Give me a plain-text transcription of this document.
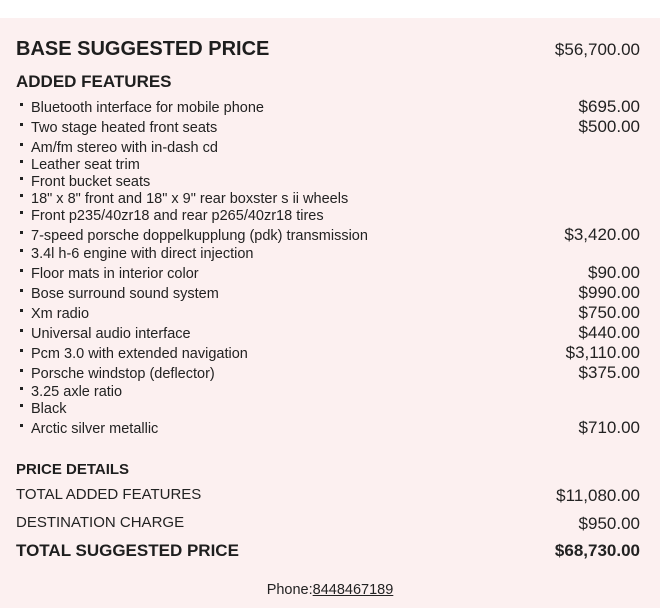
BASE SUGGESTED PRICE	$56,700.00
ADDED FEATURES
Bluetooth interface for mobile phone	$695.00
Two stage heated front seats	$500.00
Am/fm stereo with in-dash cd
Leather seat trim
Front bucket seats
18" x 8" front and 18" x 9" rear boxster s ii wheels
Front p235/40zr18 and rear p265/40zr18 tires
7-speed porsche doppelkupplung (pdk) transmission	$3,420.00
3.4l h-6 engine with direct injection
Floor mats in interior color	$90.00
Bose surround sound system	$990.00
Xm radio	$750.00
Universal audio interface	$440.00
Pcm 3.0 with extended navigation	$3,110.00
Porsche windstop (deflector)	$375.00
3.25 axle ratio
Black
Arctic silver metallic	$710.00
PRICE DETAILS
TOTAL ADDED FEATURES	$11,080.00
DESTINATION CHARGE	$950.00
TOTAL SUGGESTED PRICE	$68,730.00
Phone:8448467189
